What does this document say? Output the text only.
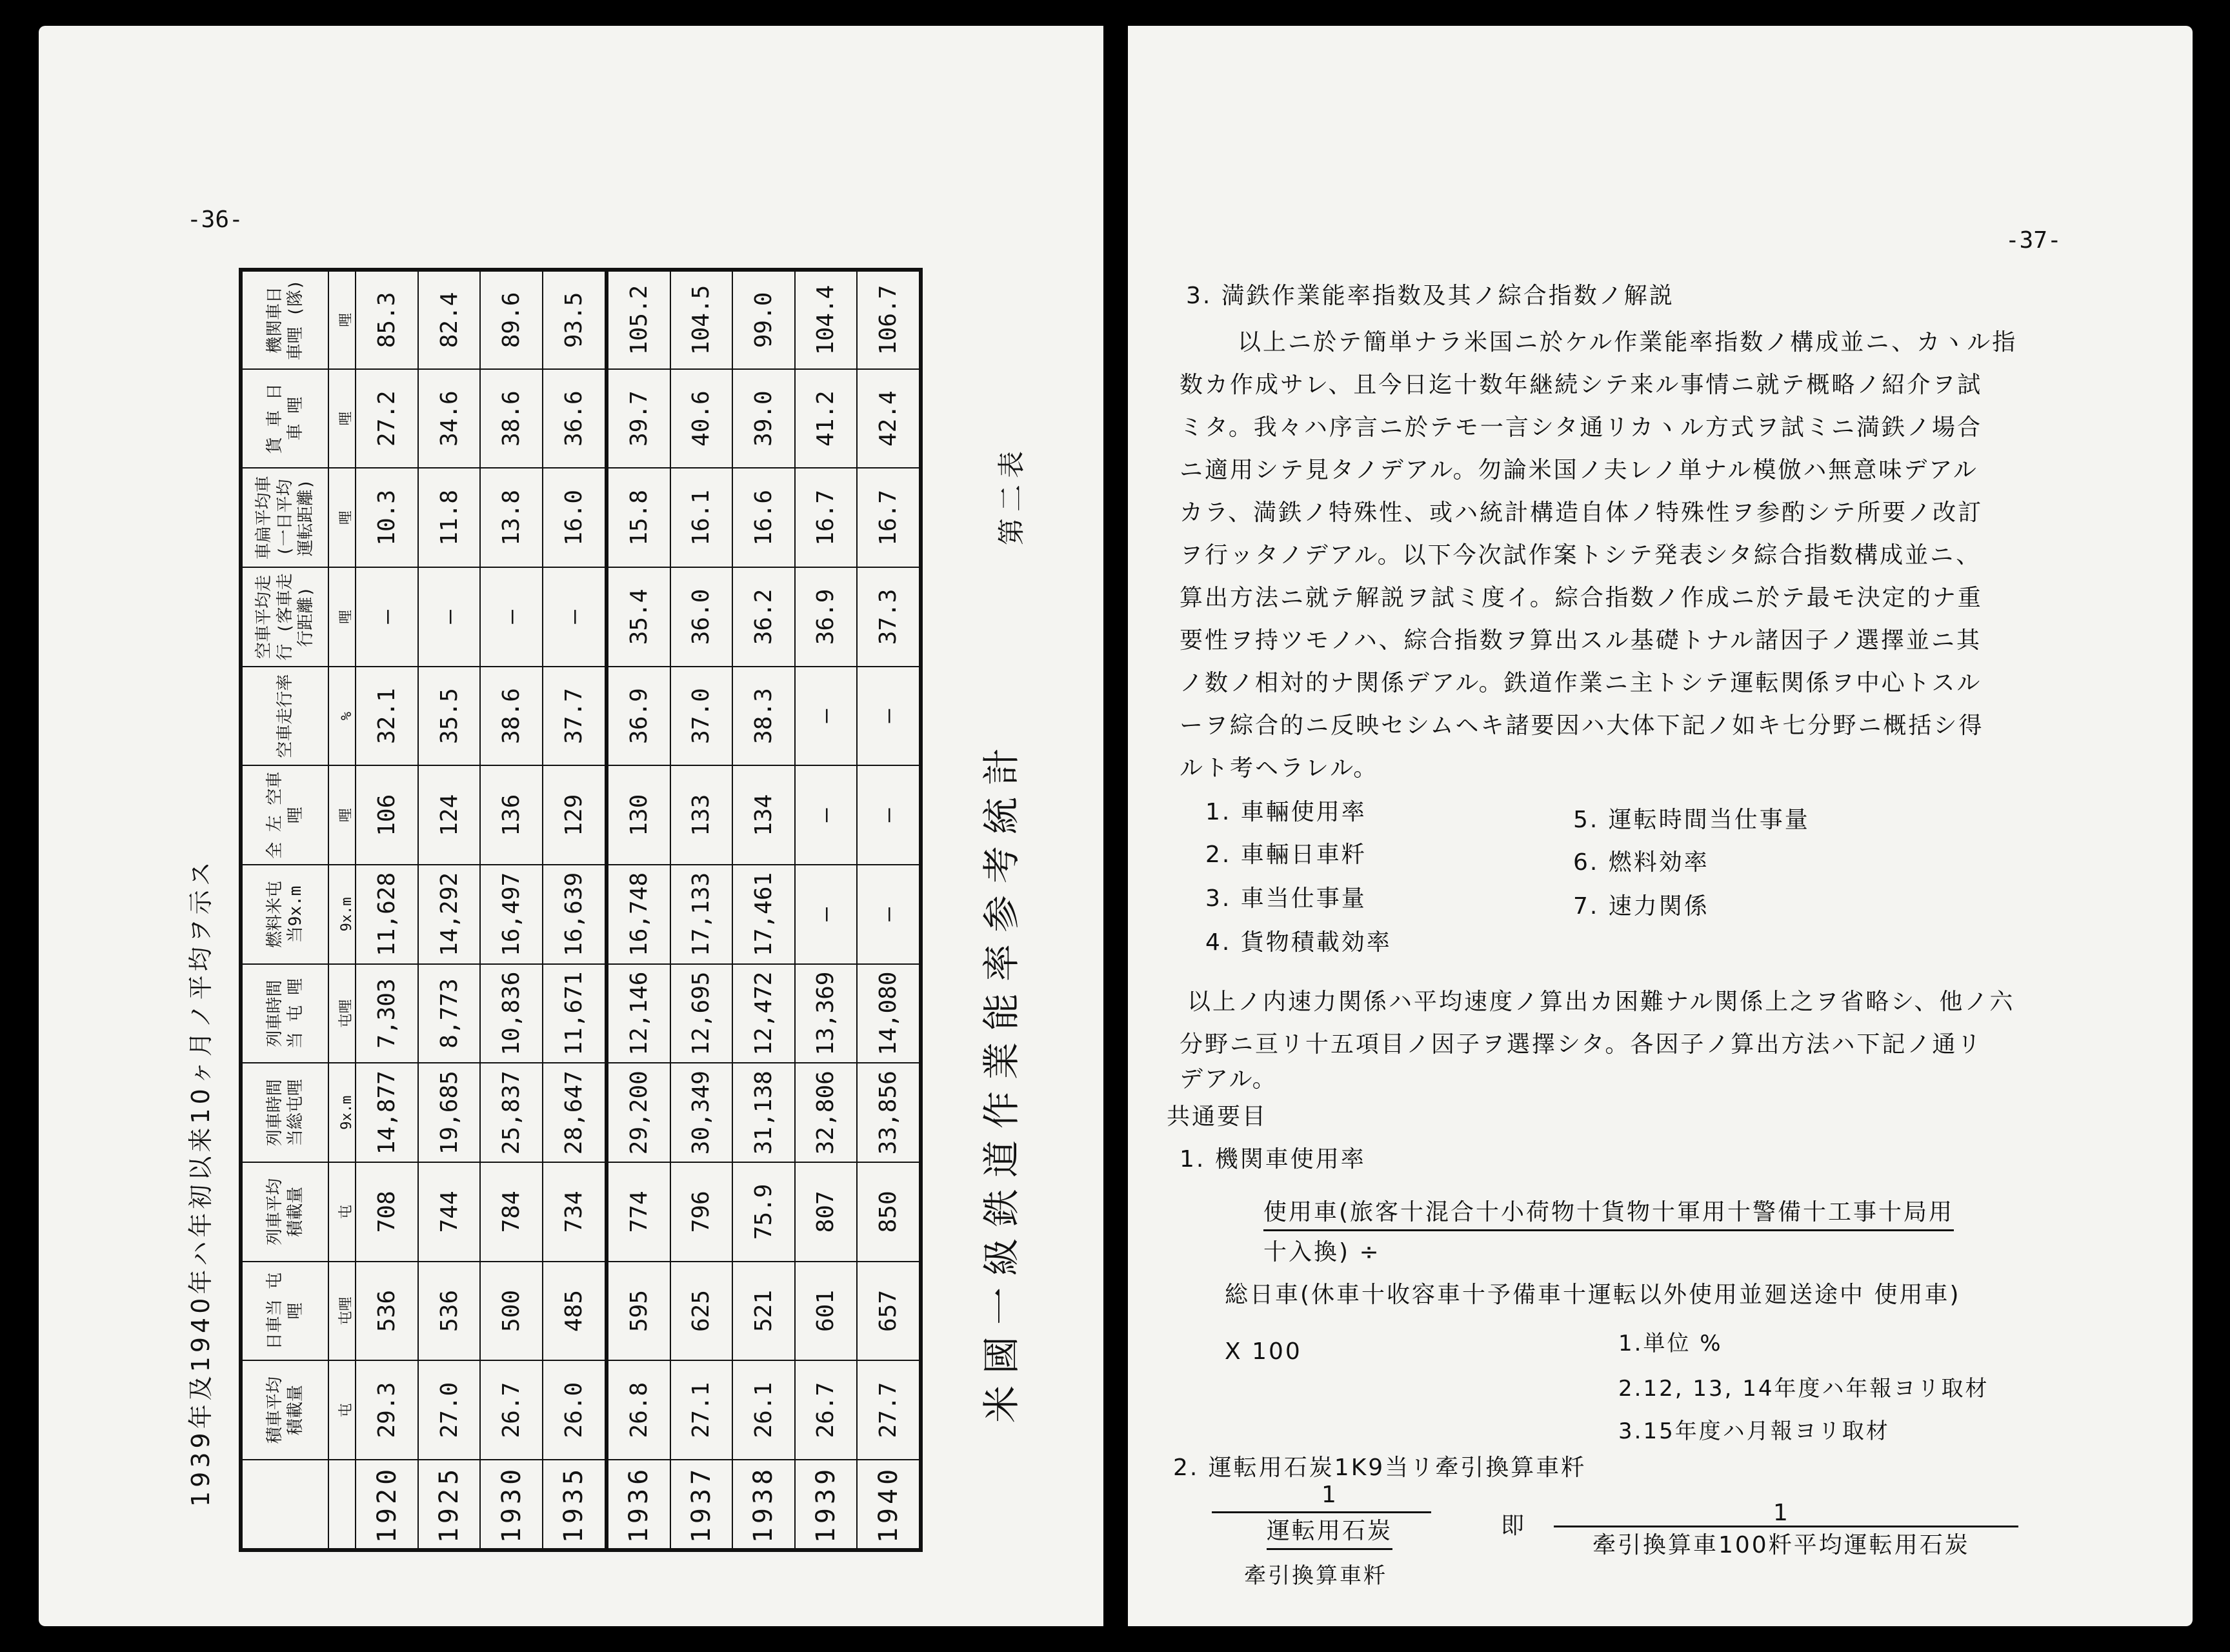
-36-
米國一級鉄道作業能率参考統計
第二表
1939年及1940年ハ年初以来10ヶ月ノ平均ヲ示ス
		積車平均 積載量	日車当 屯 哩	列車平均 積載量	列車時間 当総屯哩	列車時間 当 屯 哩	燃料米屯 当9x.m	全 左 空車哩	空車走行率	空車平均走行 (客車走行距離)	車扁平均車 (一日平均運転距離)	貨 車 日 車 哩	機関車日 車哩 (隊)
	屯	屯哩	屯	9x.m	屯哩	9x.m	哩	%	哩	哩	哩	哩
1920	29.3	536	708	14,877	7,303	11,628	106	32.1	—	10.3	27.2	85.3
1925	27.0	536	744	19,685	8,773	14,292	124	35.5	—	11.8	34.6	82.4
1930	26.7	500	784	25,837	10,836	16,497	136	38.6	—	13.8	38.6	89.6
1935	26.0	485	734	28,647	11,671	16,639	129	37.7	—	16.0	36.6	93.5
1936	26.8	595	774	29,200	12,146	16,748	130	36.9	35.4	15.8	39.7	105.2
1937	27.1	625	796	30,349	12,695	17,133	133	37.0	36.0	16.1	40.6	104.5
1938	26.1	521	75.9	31,138	12,472	17,461	134	38.3	36.2	16.6	39.0	99.0
1939	26.7	601	807	32,806	13,369	—	—	—	36.9	16.7	41.2	104.4
1940	27.7	657	850	33,856	14,080	—	—	—	37.3	16.7	42.4	106.7
-37-
3. 満鉄作業能率指数及其ノ綜合指数ノ解説
以上ニ於テ簡単ナラ米国ニ於ケル作業能率指数ノ構成並ニ、カヽル指
数カ作成サレ、且今日迄十数年継続シテ来ル事情ニ就テ概略ノ紹介ヲ試
ミタ。我々ハ序言ニ於テモ一言シタ通リカヽル方式ヲ試ミニ満鉄ノ場合
ニ適用シテ見タノデアル。勿論米国ノ夫レノ単ナル模倣ハ無意味デアル
カラ、満鉄ノ特殊性、或ハ統計構造自体ノ特殊性ヲ参酌シテ所要ノ改訂
ヲ行ッタノデアル。以下今次試作案トシテ発表シタ綜合指数構成並ニ、
算出方法ニ就テ解説ヲ試ミ度イ。綜合指数ノ作成ニ於テ最モ決定的ナ重
要性ヲ持ツモノハ、綜合指数ヲ算出スル基礎トナル諸因子ノ選擇並ニ其
ノ数ノ相対的ナ関係デアル。鉄道作業ニ主トシテ運転関係ヲ中心トスル
ーヲ綜合的ニ反映セシムヘキ諸要因ハ大体下記ノ如キ七分野ニ概括シ得
ルト考ヘラレル。
1. 車輛使用率
2. 車輛日車粁
3. 車当仕事量
4. 貨物積載効率
5. 運転時間当仕事量
6. 燃料効率
7. 速力関係
以上ノ内速力関係ハ平均速度ノ算出カ困難ナル関係上之ヲ省略シ、他ノ六
分野ニ亘リ十五項目ノ因子ヲ選擇シタ。各因子ノ算出方法ハ下記ノ通リ
デアル。
共通要目
1. 機関車使用率
使用車(旅客十混合十小荷物十貨物十軍用十警備十工事十局用
十入換) ÷
総日車(休車十收容車十予備車十運転以外使用並廻送途中 使用車)
X 100	1.単位 %
2.12, 13, 14年度ハ年報ヨリ取材
3.15年度ハ月報ヨリ取材
2. 運転用石炭1K9当リ牽引換算車粁
1
運転用石炭
牽引換算車粁
即	1
牽引換算車100粁平均運転用石炭
